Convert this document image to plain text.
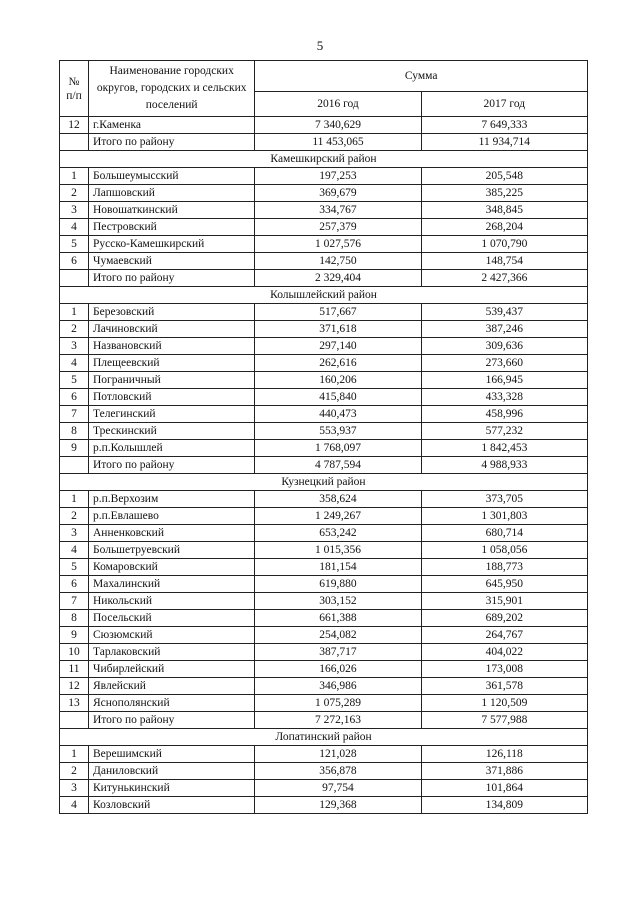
5
№
п/п	Наименование городских округов, городских и сельских поселений	Сумма	
		2016 год	2017 год
12	г.Каменка	7 340,629	7 649,333
	Итого по району	11 453,065	11 934,714
Камешкирский район			
1	Большеумысский	197,253	205,548
2	Лапшовский	369,679	385,225
3	Новошаткинский	334,767	348,845
4	Пестровский	257,379	268,204
5	Русско-Камешкирский	1 027,576	1 070,790
6	Чумаевский	142,750	148,754
	Итого по району	2 329,404	2 427,366
Колышлейский район			
1	Березовский	517,667	539,437
2	Лачиновский	371,618	387,246
3	Названовский	297,140	309,636
4	Плещеевский	262,616	273,660
5	Пограничный	160,206	166,945
6	Потловский	415,840	433,328
7	Телегинский	440,473	458,996
8	Трескинский	553,937	577,232
9	р.п.Колышлей	1 768,097	1 842,453
	Итого по району	4 787,594	4 988,933
Кузнецкий район			
1	р.п.Верхозим	358,624	373,705
2	р.п.Евлашево	1 249,267	1 301,803
3	Анненковский	653,242	680,714
4	Большетруевский	1 015,356	1 058,056
5	Комаровский	181,154	188,773
6	Махалинский	619,880	645,950
7	Никольский	303,152	315,901
8	Посельский	661,388	689,202
9	Сюзюмский	254,082	264,767
10	Тарлаковский	387,717	404,022
11	Чибирлейский	166,026	173,008
12	Явлейский	346,986	361,578
13	Яснополянский	1 075,289	1 120,509
	Итого по району	7 272,163	7 577,988
Лопатинский район			
1	Верешимский	121,028	126,118
2	Даниловский	356,878	371,886
3	Китунькинский	97,754	101,864
4	Козловский	129,368	134,809
